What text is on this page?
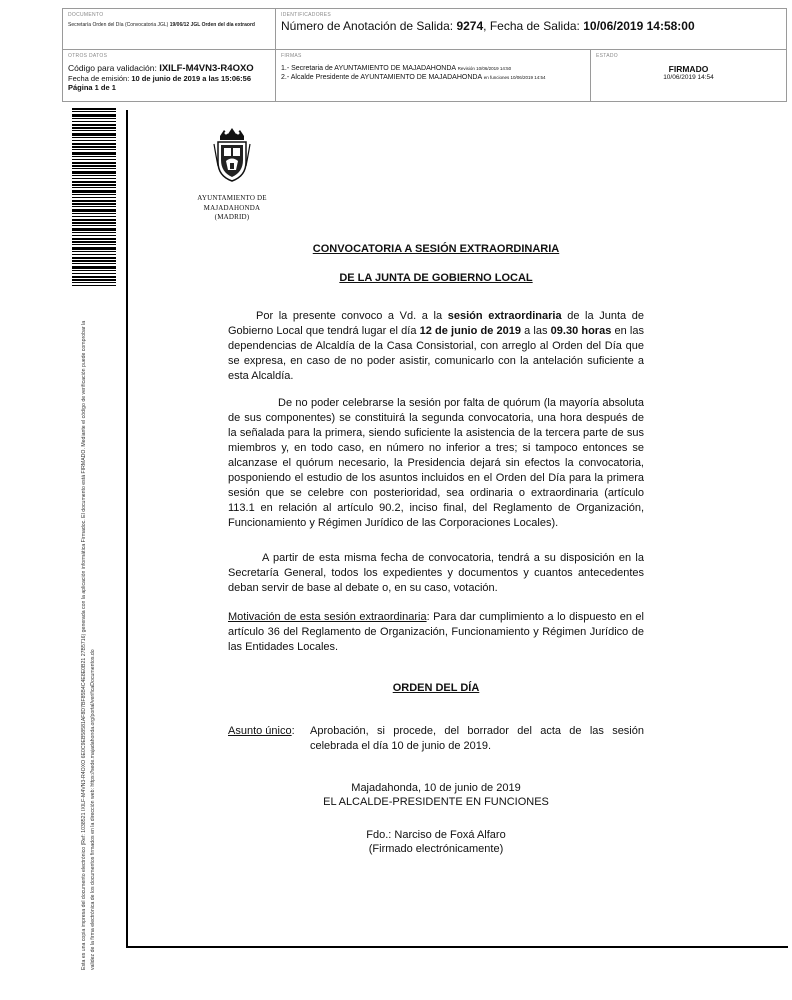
DOCUMENTO
Secretaría Orden del Día (Convocatoria JGL) 19/06/12 JGL Orden del día extraord
IDENTIFICADORES
Número de Anotación de Salida: 9274, Fecha de Salida: 10/06/2019 14:58:00
OTROS DATOS
Código para validación: IXILF-M4VN3-R4OXO
Fecha de emisión: 10 de junio de 2019 a las 15:06:56
Página 1 de 1
FIRMAS
1.- Secretaria de AYUNTAMIENTO DE MAJADAHONDA Revisión 10/06/2019 14:50
2.- Alcalde Presidente de AYUNTAMIENTO DE MAJADAHONDA en funciones 10/06/2019 14:54
ESTADO
FIRMADO
10/06/2019 14:54
Esta es una copia impresa del documento electrónico (Ref: 1038521 IXILF-M4VN3-R4OXO 6E0C9EB58581AF8D7BF85B4C4E8E0B21 27B5716) generada con la aplicación informática Firmadoc. El documento está FIRMADO. Mediante el código de verificación puede comprobar la validez de la firma electrónica de los documentos firmados en la dirección web: https://sede.majadahonda.org/portal/verificaDocumentos.do
AYUNTAMIENTO DE
MAJADAHONDA
(MADRID)
CONVOCATORIA A SESIÓN EXTRAORDINARIA
DE LA JUNTA DE GOBIERNO LOCAL
Por la presente convoco a Vd. a la sesión extraordinaria de la Junta de Gobierno Local que tendrá lugar el día 12 de junio de 2019 a las 09.30 horas en las dependencias de Alcaldía de la Casa Consistorial, con arreglo al Orden del Día que se expresa, en caso de no poder asistir, comunicarlo con la antelación suficiente a esta Alcaldía.
De no poder celebrarse la sesión por falta de quórum (la mayoría absoluta de sus componentes) se constituirá la segunda convocatoria, una hora después de la señalada para la primera, siendo suficiente la asistencia de la tercera parte de sus miembros y, en todo caso, en número no inferior a tres; si tampoco entonces se alcanzase el quórum necesario, la Presidencia dejará sin efectos la convocatoria, posponiendo el estudio de los asuntos incluidos en el Orden del Día para la primera sesión que se celebre con posterioridad, sea ordinaria o extraordinaria (artículo 113.1 en relación al artículo 90.2, inciso final, del Reglamento de Organización, Funcionamiento y Régimen Jurídico de las Corporaciones Locales).
A partir de esta misma fecha de convocatoria, tendrá a su disposición en la Secretaría General, todos los expedientes y documentos y cuantos antecedentes deban servir de base al debate o, en su caso, votación.
Motivación de esta sesión extraordinaria: Para dar cumplimiento a lo dispuesto en el artículo 36 del Reglamento de Organización, Funcionamiento y Régimen Jurídico de las Entidades Locales.
ORDEN DEL DÍA
Asunto único: Aprobación, si procede, del borrador del acta de las sesión celebrada el día 10 de junio de 2019.
Majadahonda, 10 de junio de 2019
EL ALCALDE-PRESIDENTE EN FUNCIONES
Fdo.: Narciso de Foxá Alfaro
(Firmado electrónicamente)
